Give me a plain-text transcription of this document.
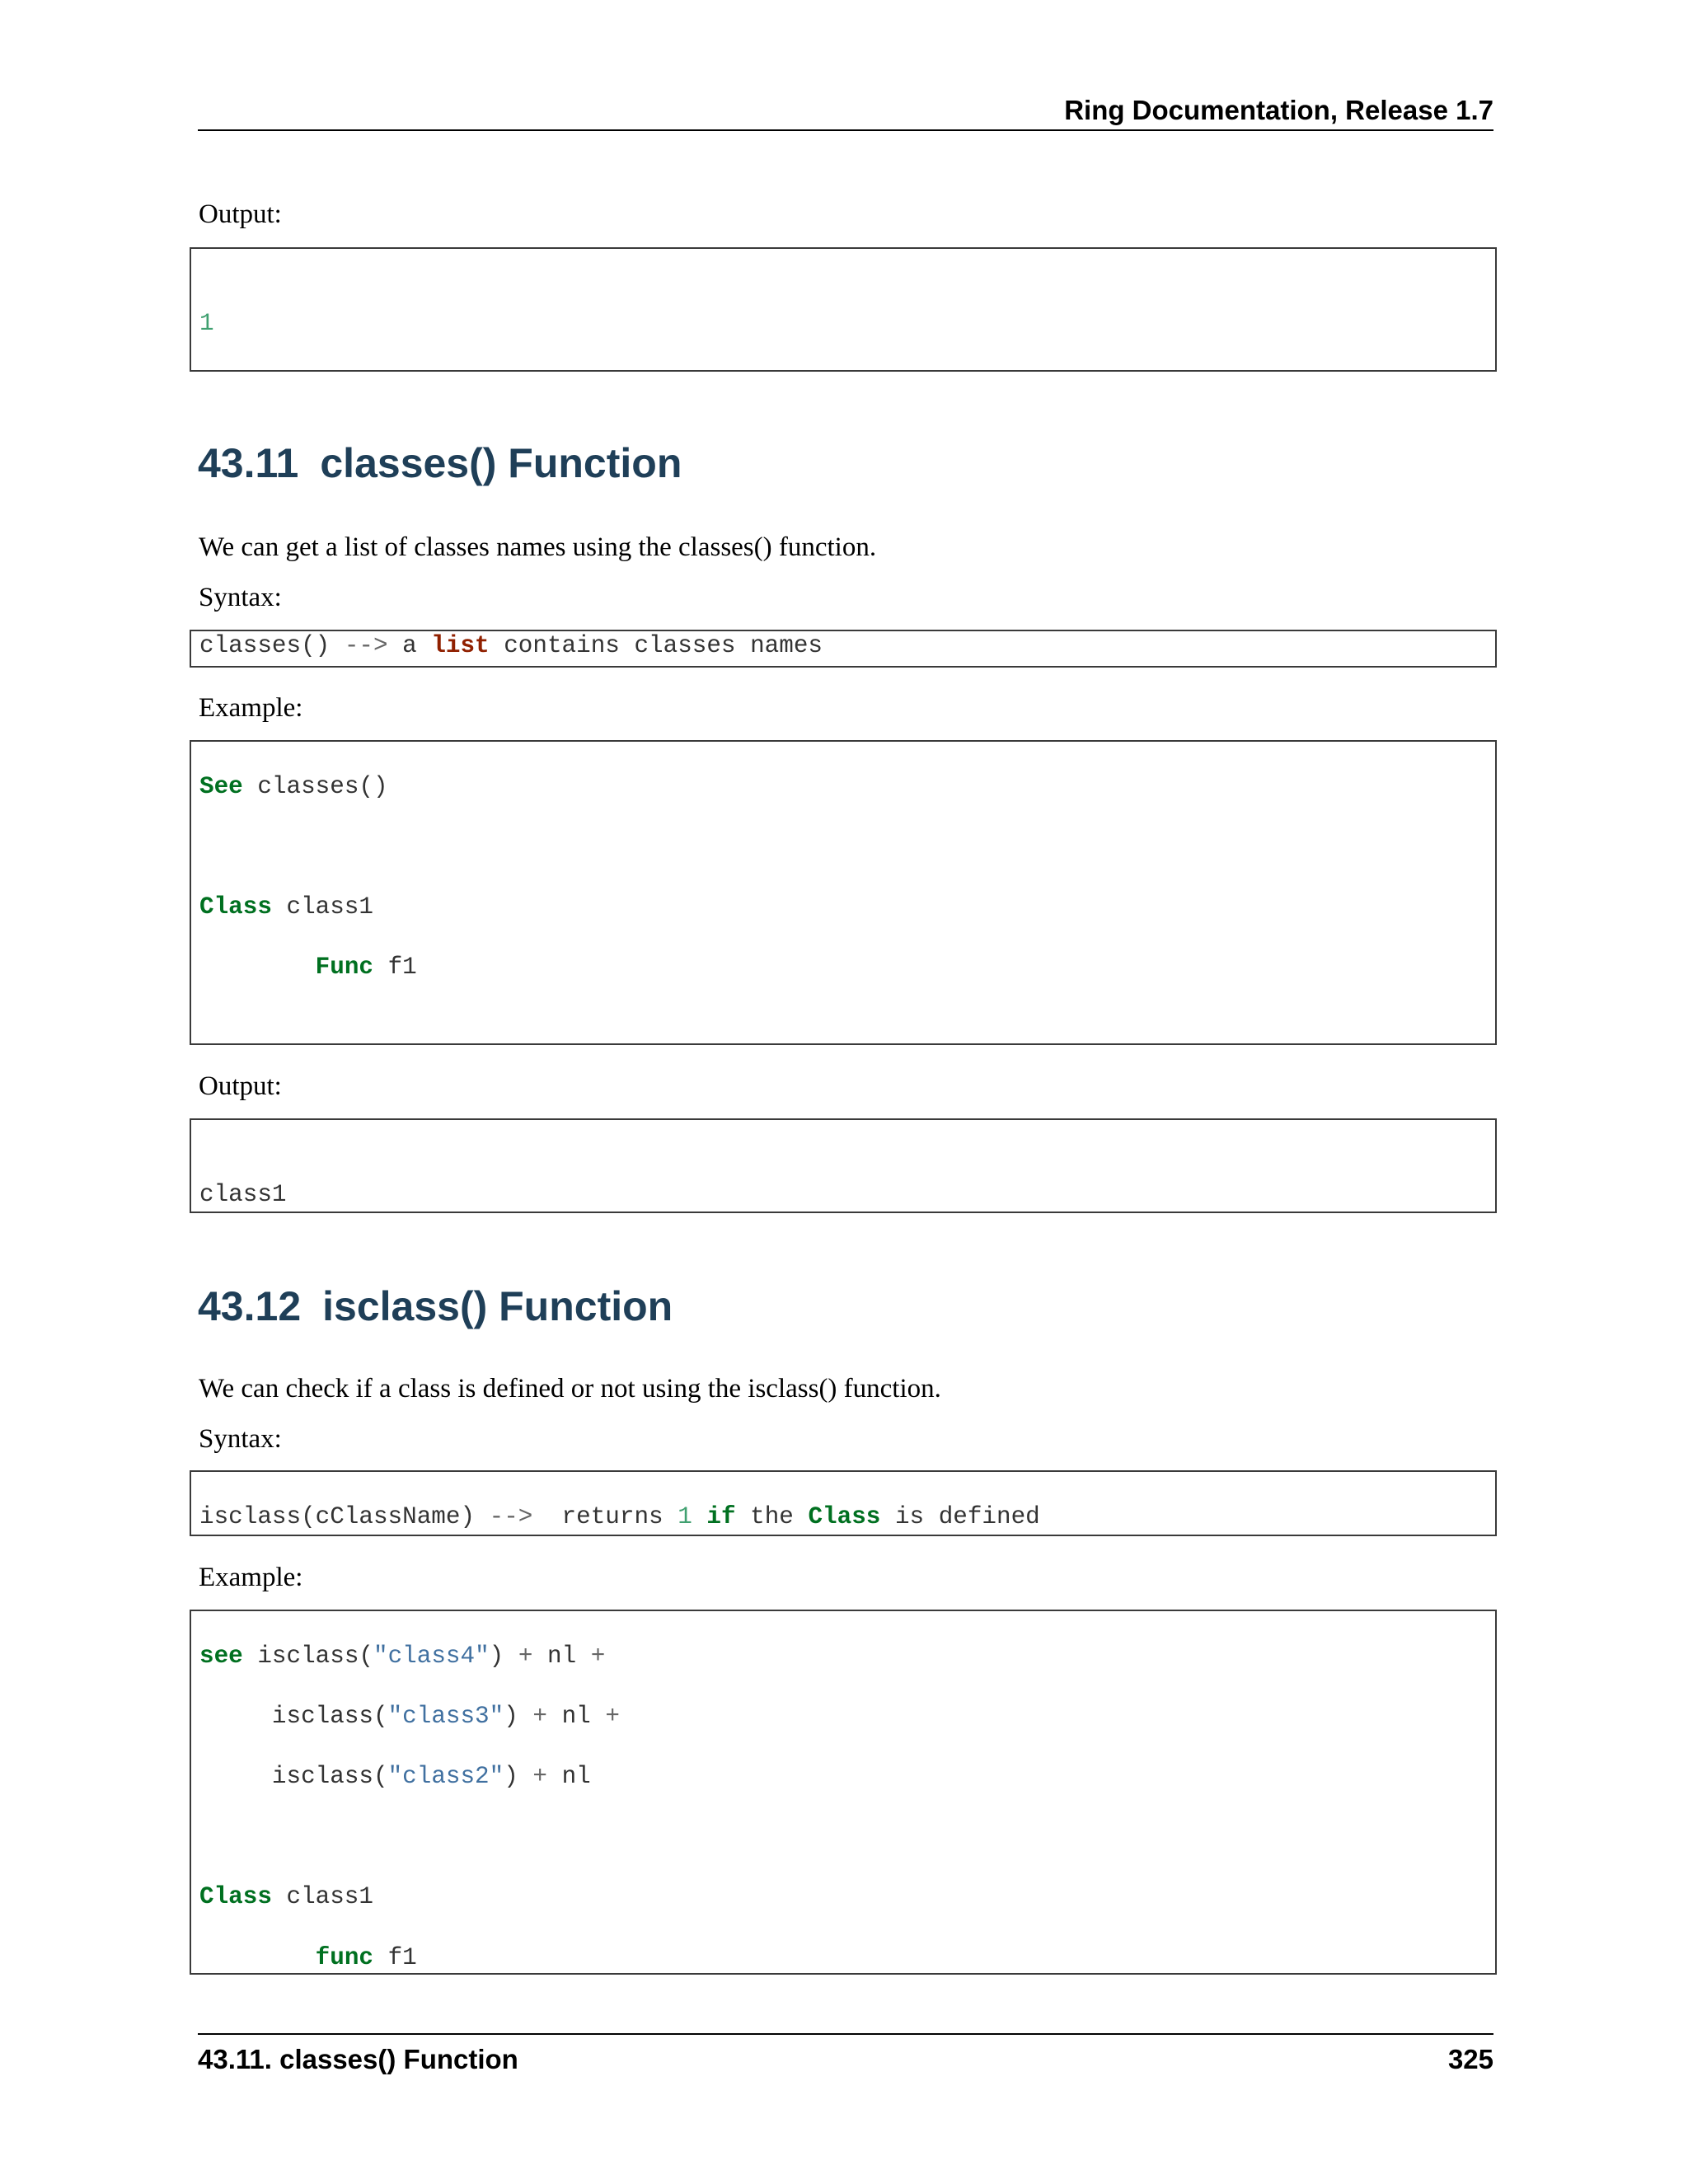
Ring Documentation, Release 1.7
Output:

1

43.11 classes() Function
We can get a list of classes names using the classes() function.
Syntax:
classes() --> a list contains classes names
Example:

See classes()

Class class1

Func f1

Output:

class1

43.12 isclass() Function
We can check if a class is defined or not using the isclass() function.
Syntax:

isclass(cClassName) -->  returns 1 if the Class is defined

Example:

see isclass("class4") + nl +

isclass("class3") + nl +

isclass("class2") + nl

Class class1

func f1

43.11. classes() Function	325
